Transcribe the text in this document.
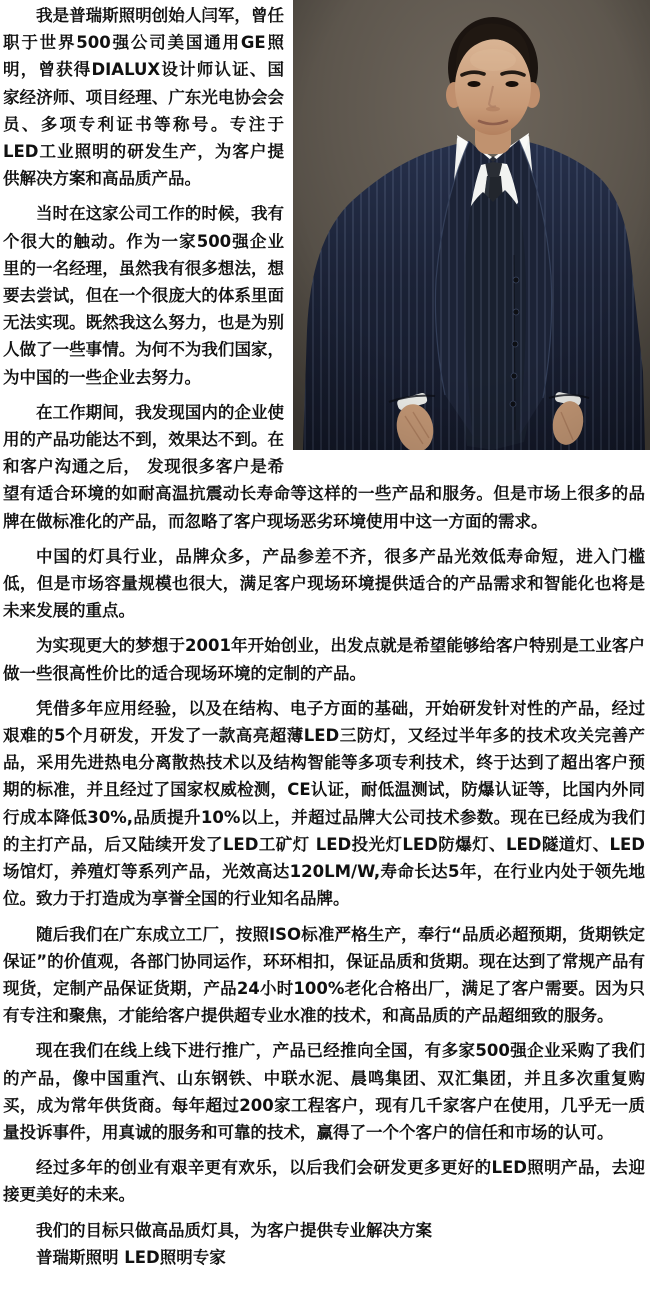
我是普瑞斯照明创始人闫军，曾任职于世界500强公司美国通用GE照明，曾获得DIALUX设计师认证、国家经济师、项目经理、广东光电协会会员、多项专利证书等称号。专注于LED工业照明的研发生产，为客户提供解决方案和高品质产品。

当时在这家公司工作的时候，我有个很大的触动。作为一家500强企业里的一名经理，虽然我有很多想法，想要去尝试，但在一个很庞大的体系里面无法实现。既然我这么努力，也是为别人做了一些事情。为何不为我们国家，为中国的一些企业去努力。

在工作期间，我发现国内的企业使用的产品功能达不到，效果达不到。在和客户沟通之后， 发现很多客户是希望有适合环境的如耐高温抗震动长寿命等这样的一些产品和服务。但是市场上很多的品牌在做标准化的产品，而忽略了客户现场恶劣环境使用中这一方面的需求。

中国的灯具行业，品牌众多，产品参差不齐，很多产品光效低寿命短，进入门槛低，但是市场容量规模也很大，满足客户现场环境提供适合的产品需求和智能化也将是未来发展的重点。

为实现更大的梦想于2001年开始创业，出发点就是希望能够给客户特别是工业客户做一些很高性价比的适合现场环境的定制的产品。

凭借多年应用经验，以及在结构、电子方面的基础，开始研发针对性的产品，经过艰难的5个月研发，开发了一款高亮超薄LED三防灯，又经过半年多的技术攻关完善产品，采用先进热电分离散热技术以及结构智能等多项专利技术，终于达到了超出客户预期的标准，并且经过了国家权威检测，CE认证，耐低温测试，防爆认证等，比国内外同行成本降低30%,品质提升10%以上，并超过品牌大公司技术参数。现在已经成为我们的主打产品，后又陆续开发了LED工矿灯 LED投光灯LED防爆灯、LED隧道灯、LED场馆灯，养殖灯等系列产品，光效高达120LM/W,寿命长达5年，在行业内处于领先地位。致力于打造成为享誉全国的行业知名品牌。

随后我们在广东成立工厂，按照ISO标准严格生产，奉行“品质必超预期，货期铁定保证”的价值观，各部门协同运作，环环相扣，保证品质和货期。现在达到了常规产品有现货，定制产品保证货期，产品24小时100%老化合格出厂，满足了客户需要。因为只有专注和聚焦，才能给客户提供超专业水准的技术，和高品质的产品超细致的服务。

现在我们在线上线下进行推广，产品已经推向全国，有多家500强企业采购了我们的产品，像中国重汽、山东钢铁、中联水泥、晨鸣集团、双汇集团，并且多次重复购买，成为常年供货商。每年超过200家工程客户，现有几千家客户在使用，几乎无一质量投诉事件，用真诚的服务和可靠的技术，赢得了一个个客户的信任和市场的认可。

经过多年的创业有艰辛更有欢乐，以后我们会研发更多更好的LED照明产品，去迎接更美好的未来。

我们的目标只做高品质灯具，为客户提供专业解决方案

普瑞斯照明 LED照明专家
